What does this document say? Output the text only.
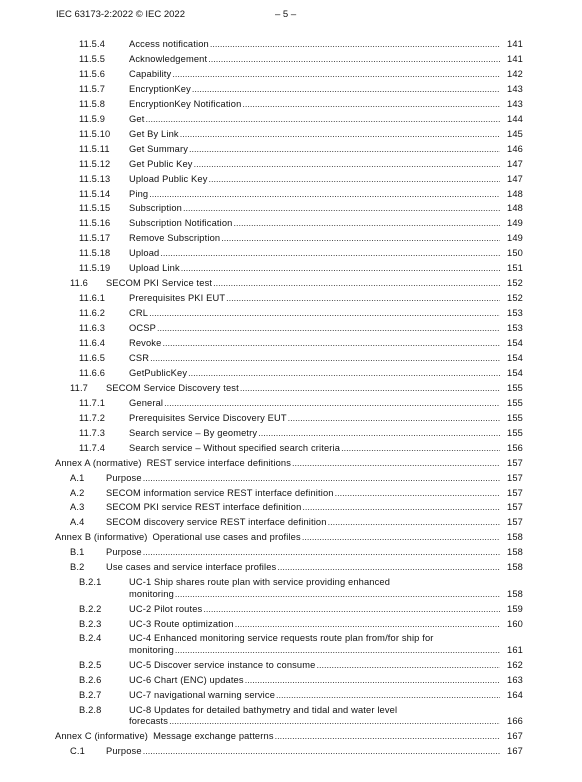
IEC 63173-2:2022 © IEC 2022	– 5 –
11.5.4	Access notification .....	141
11.5.5	Acknowledgement .....	141
11.5.6	Capability .....	142
11.5.7	EncryptionKey .....	143
11.5.8	EncryptionKey Notification .....	143
11.5.9	Get .....	144
11.5.10 Get By Link .....	145
11.5.11 Get Summary .....	146
11.5.12 Get Public Key .....	147
11.5.13 Upload Public Key .....	147
11.5.14 Ping .....	148
11.5.15 Subscription .....	148
11.5.16 Subscription Notification .....	149
11.5.17 Remove Subscription .....	149
11.5.18 Upload .....	150
11.5.19 Upload Link .....	151
11.6 SECOM PKI Service test .....	152
11.6.1	Prerequisites PKI EUT .....	152
11.6.2	CRL .....	153
11.6.3	OCSP .....	153
11.6.4	Revoke .....	154
11.6.5	CSR .....	154
11.6.6	GetPublicKey .....	154
11.7 SECOM Service Discovery test .....	155
11.7.1	General .....	155
11.7.2	Prerequisites Service Discovery EUT .....	155
11.7.3	Search service – By geometry .....	155
11.7.4	Search service – Without specified search criteria .....	156
Annex A (normative) REST service interface definitions .....	157
A.1 Purpose .....	157
A.2 SECOM information service REST interface definition .....	157
A.3 SECOM PKI service REST interface definition .....	157
A.4 SECOM discovery service REST interface definition .....	157
Annex B (informative) Operational use cases and profiles .....	158
B.1 Purpose .....	158
B.2 Use cases and service interface profiles .....	158
B.2.1	UC-1 Ship shares route plan with service providing enhanced
monitoring .....	158
B.2.2	UC-2 Pilot routes .....	159
B.2.3	UC-3 Route optimization .....	160
B.2.4	UC-4 Enhanced monitoring service requests route plan from/for ship for
monitoring .....	161
B.2.5	UC-5 Discover service instance to consume .....	162
B.2.6	UC-6 Chart (ENC) updates .....	163
B.2.7	UC-7 navigational warning service .....	164
B.2.8	UC-8 Updates for detailed bathymetry and tidal and water level
forecasts .....	166
Annex C (informative) Message exchange patterns .....	167
C.1 Purpose .....	167
